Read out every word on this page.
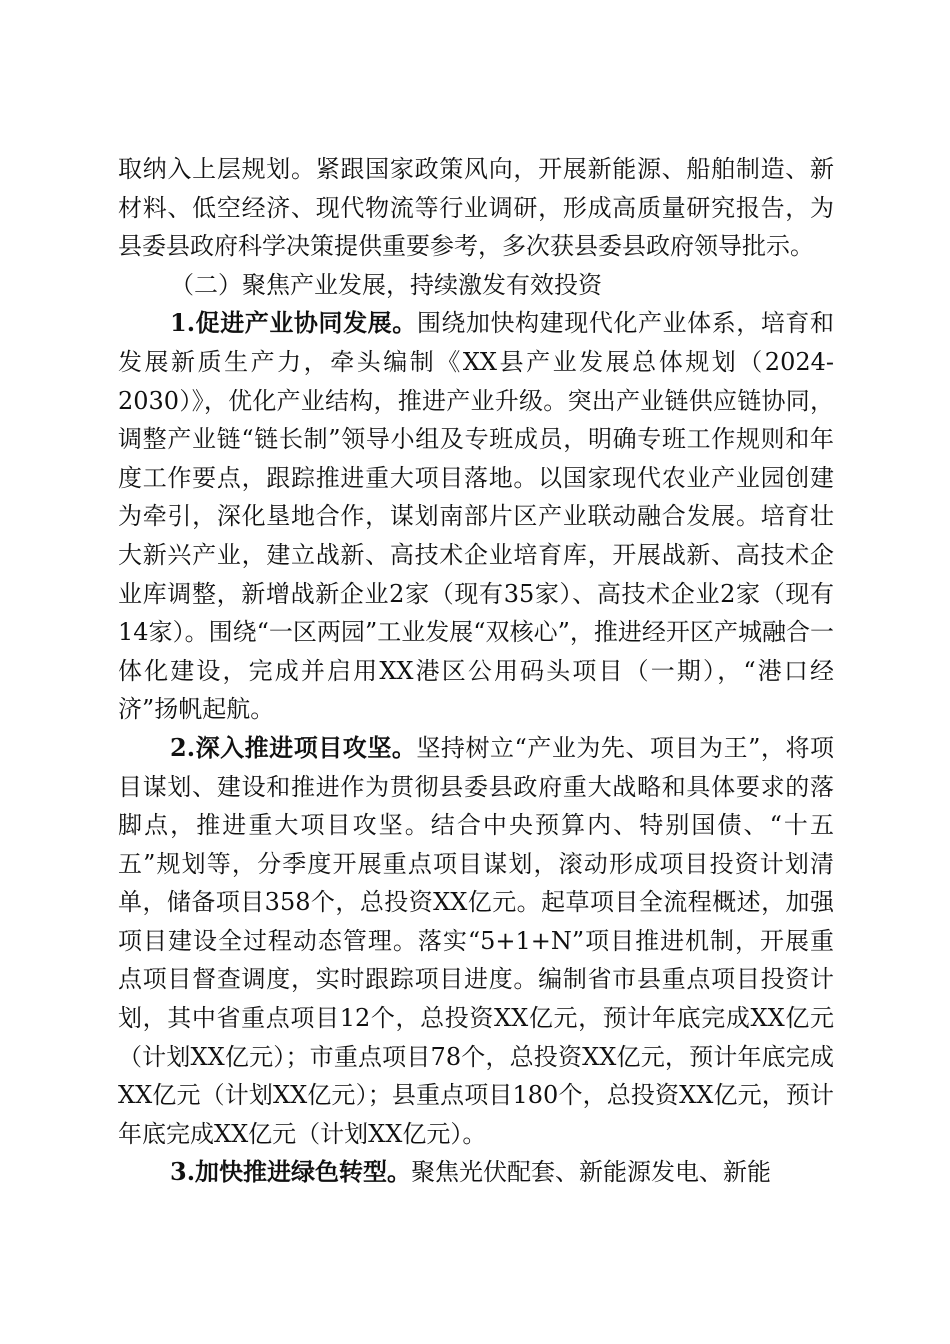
取纳入上层规划。紧跟国家政策风向，开展新能源、船舶制造、新材料、低空经济、现代物流等行业调研，形成高质量研究报告，为县委县政府科学决策提供重要参考，多次获县委县政府领导批示。

（二）聚焦产业发展，持续激发有效投资

1.促进产业协同发展。围绕加快构建现代化产业体系，培育和发展新质生产力，牵头编制《XX县产业发展总体规划（2024-2030）》，优化产业结构，推进产业升级。突出产业链供应链协同，调整产业链“链长制”领导小组及专班成员，明确专班工作规则和年度工作要点，跟踪推进重大项目落地。以国家现代农业产业园创建为牵引，深化垦地合作，谋划南部片区产业联动融合发展。培育壮大新兴产业，建立战新、高技术企业培育库，开展战新、高技术企业库调整，新增战新企业2家（现有35家）、高技术企业2家（现有14家）。围绕“一区两园”工业发展“双核心”，推进经开区产城融合一体化建设，完成并启用XX港区公用码头项目（一期），“港口经济”扬帆起航。

2.深入推进项目攻坚。坚持树立“产业为先、项目为王”，将项目谋划、建设和推进作为贯彻县委县政府重大战略和具体要求的落脚点，推进重大项目攻坚。结合中央预算内、特别国债、“十五五”规划等，分季度开展重点项目谋划，滚动形成项目投资计划清单，储备项目358个，总投资XX亿元。起草项目全流程概述，加强项目建设全过程动态管理。落实“5+1+N”项目推进机制，开展重点项目督查调度，实时跟踪项目进度。编制省市县重点项目投资计划，其中省重点项目12个，总投资XX亿元，预计年底完成XX亿元（计划XX亿元）；市重点项目78个，总投资XX亿元，预计年底完成XX亿元（计划XX亿元）；县重点项目180个，总投资XX亿元，预计年底完成XX亿元（计划XX亿元）。

3.加快推进绿色转型。聚焦光伏配套、新能源发电、新能
